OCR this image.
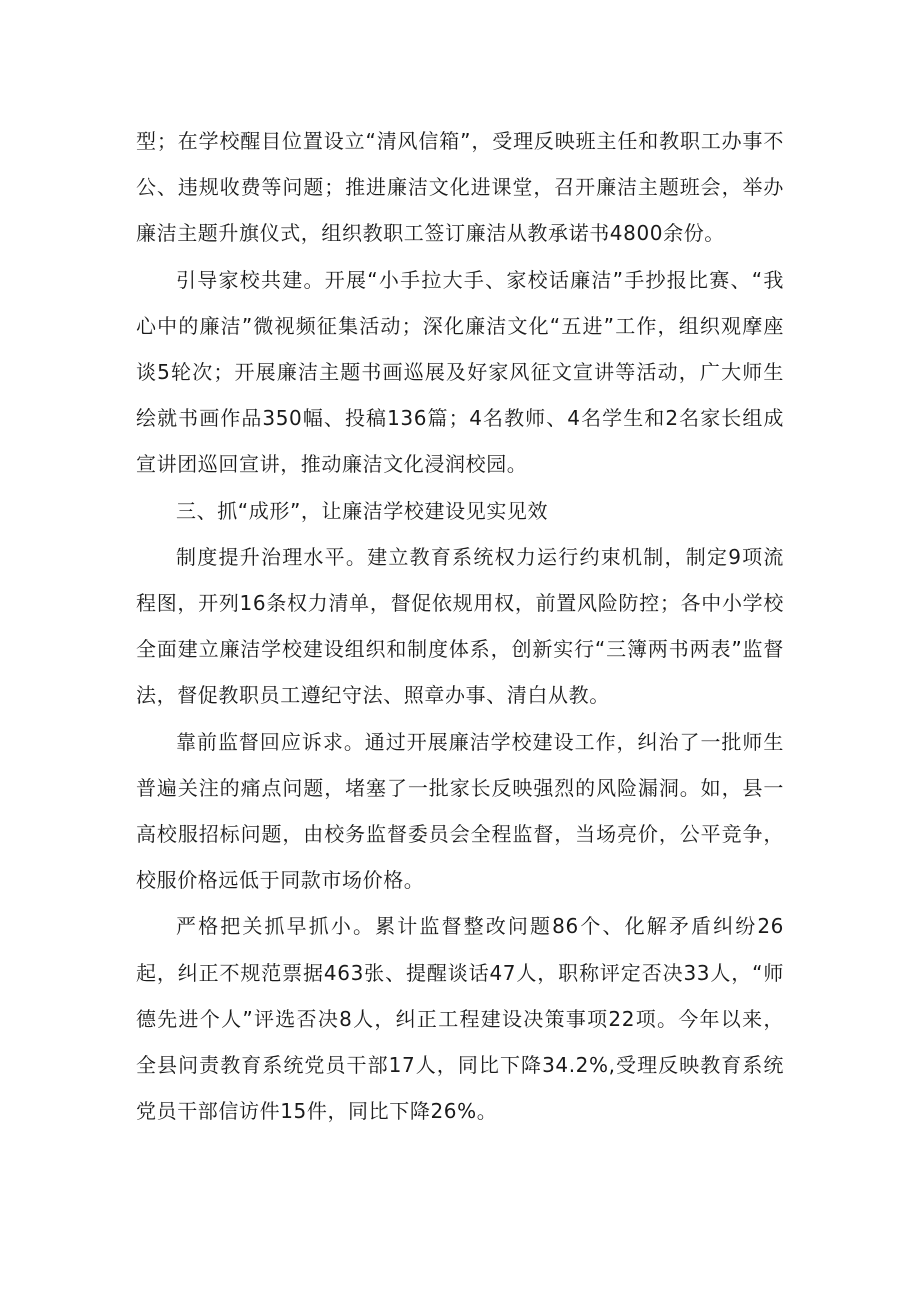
型；在学校醒目位置设立“清风信箱”，受理反映班主任和教职工办事不公、违规收费等问题；推进廉洁文化进课堂，召开廉洁主题班会，举办廉洁主题升旗仪式，组织教职工签订廉洁从教承诺书4800余份。

引导家校共建。开展“小手拉大手、家校话廉洁”手抄报比赛、“我心中的廉洁”微视频征集活动；深化廉洁文化“五进”工作，组织观摩座谈5轮次；开展廉洁主题书画巡展及好家风征文宣讲等活动，广大师生绘就书画作品350幅、投稿136篇；4名教师、4名学生和2名家长组成宣讲团巡回宣讲，推动廉洁文化浸润校园。

三、抓“成形”，让廉洁学校建设见实见效

制度提升治理水平。建立教育系统权力运行约束机制，制定9项流程图，开列16条权力清单，督促依规用权，前置风险防控；各中小学校全面建立廉洁学校建设组织和制度体系，创新实行“三簿两书两表”监督法，督促教职员工遵纪守法、照章办事、清白从教。

靠前监督回应诉求。通过开展廉洁学校建设工作，纠治了一批师生普遍关注的痛点问题，堵塞了一批家长反映强烈的风险漏洞。如，县一高校服招标问题，由校务监督委员会全程监督，当场亮价，公平竞争，校服价格远低于同款市场价格。

严格把关抓早抓小。累计监督整改问题86个、化解矛盾纠纷26起，纠正不规范票据463张、提醒谈话47人，职称评定否决33人，“师德先进个人”评选否决8人，纠正工程建设决策事项22项。今年以来，全县问责教育系统党员干部17人，同比下降34.2%,受理反映教育系统党员干部信访件15件，同比下降26%。
